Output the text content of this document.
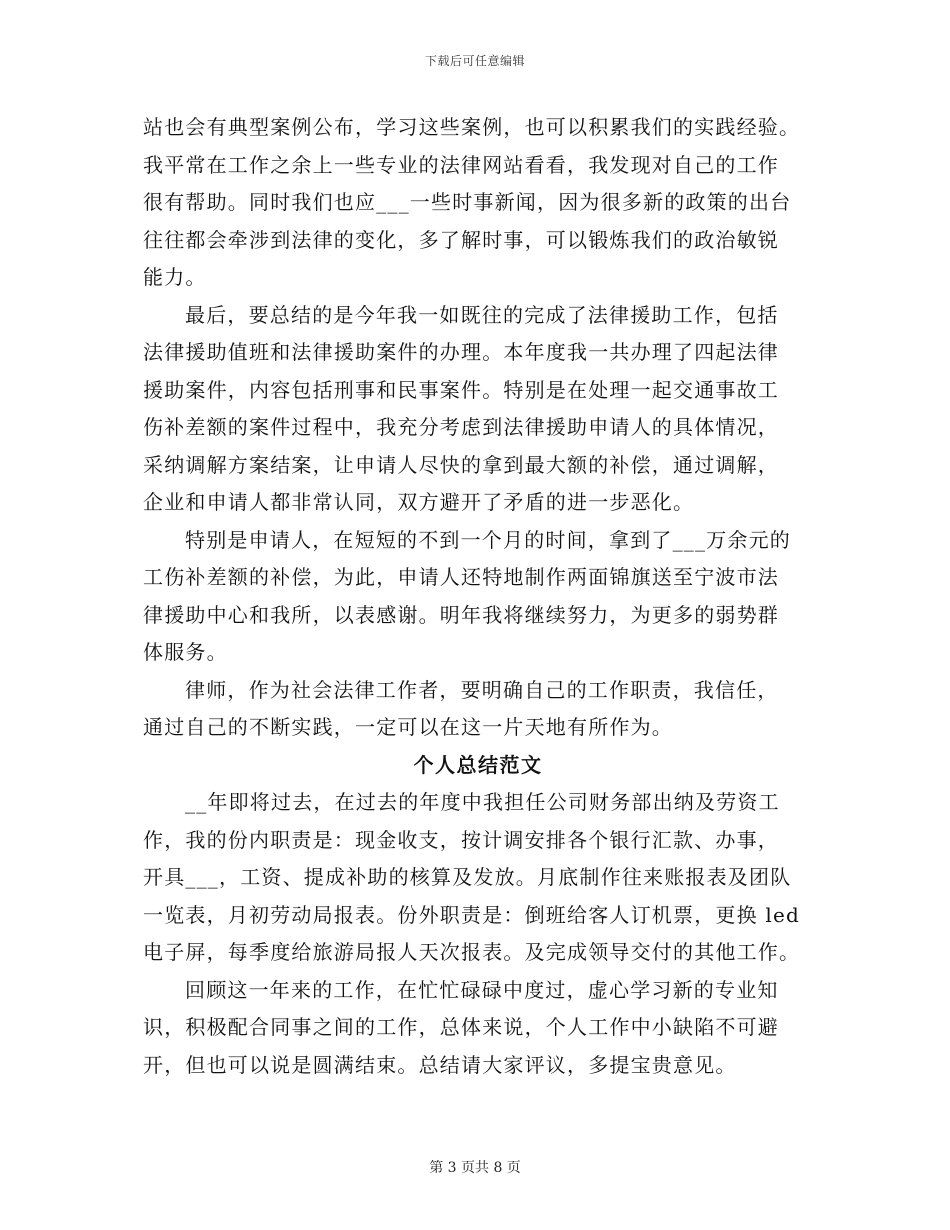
下载后可任意编辑
站也会有典型案例公布，学习这些案例，也可以积累我们的实践经验。
我平常在工作之余上一些专业的法律网站看看，我发现对自己的工作
很有帮助。同时我们也应___一些时事新闻，因为很多新的政策的出台
往往都会牵涉到法律的变化，多了解时事，可以锻炼我们的政治敏锐
能力。
最后，要总结的是今年我一如既往的完成了法律援助工作，包括
法律援助值班和法律援助案件的办理。本年度我一共办理了四起法律
援助案件，内容包括刑事和民事案件。特别是在处理一起交通事故工
伤补差额的案件过程中，我充分考虑到法律援助申请人的具体情况，
采纳调解方案结案，让申请人尽快的拿到最大额的补偿，通过调解，
企业和申请人都非常认同，双方避开了矛盾的进一步恶化。
特别是申请人，在短短的不到一个月的时间，拿到了___万余元的
工伤补差额的补偿，为此，申请人还特地制作两面锦旗送至宁波市法
律援助中心和我所，以表感谢。明年我将继续努力，为更多的弱势群
体服务。
律师，作为社会法律工作者，要明确自己的工作职责，我信任，
通过自己的不断实践，一定可以在这一片天地有所作为。
个人总结范文
__年即将过去，在过去的年度中我担任公司财务部出纳及劳资工
作，我的份内职责是：现金收支，按计调安排各个银行汇款、办事，
开具___，工资、提成补助的核算及发放。月底制作往来账报表及团队
一览表，月初劳动局报表。份外职责是：倒班给客人订机票，更换 led
电子屏，每季度给旅游局报人天次报表。及完成领导交付的其他工作。
回顾这一年来的工作，在忙忙碌碌中度过，虚心学习新的专业知
识，积极配合同事之间的工作，总体来说，个人工作中小缺陷不可避
开，但也可以说是圆满结束。总结请大家评议，多提宝贵意见。
第 3 页共 8 页
